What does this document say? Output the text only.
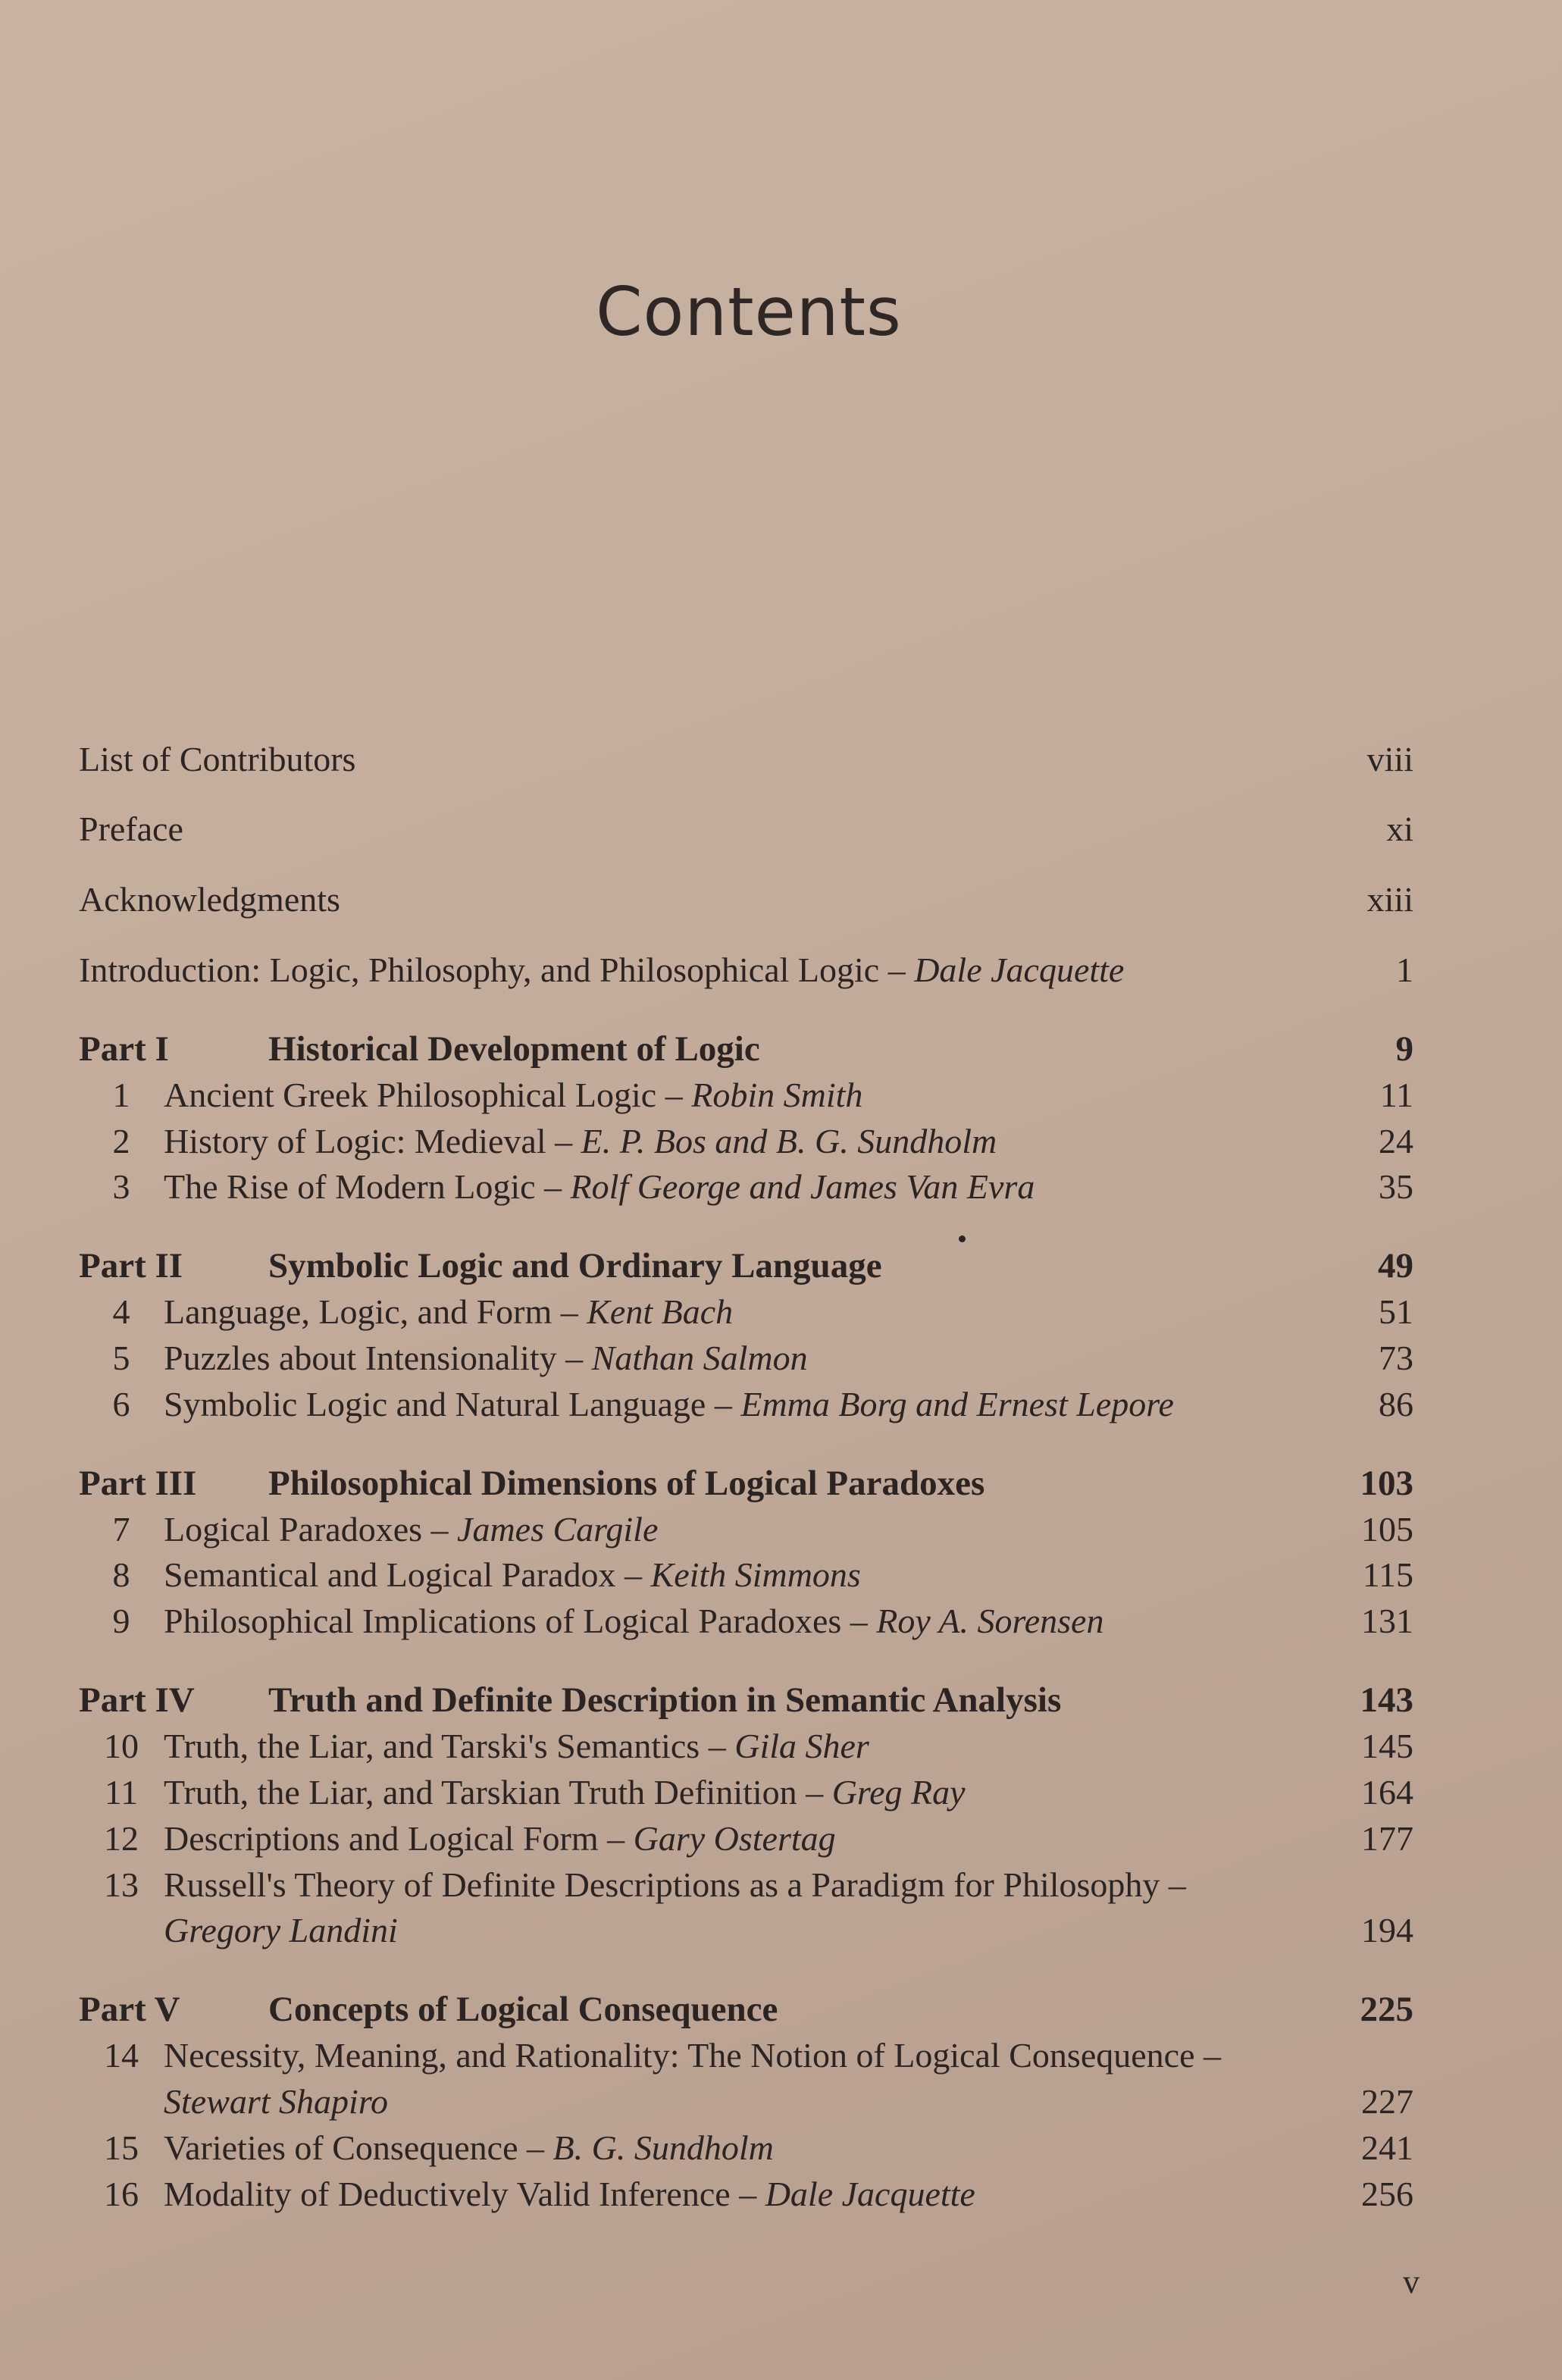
Contents
List of Contributors	viii
Preface	xi
Acknowledgments	xiii
Introduction: Logic, Philosophy, and Philosophical Logic – Dale Jacquette	1
Part I	Historical Development of Logic	9
1 Ancient Greek Philosophical Logic – Robin Smith	11
2 History of Logic: Medieval – E. P. Bos and B. G. Sundholm	24
3 The Rise of Modern Logic – Rolf George and James Van Evra	35
Part II Symbolic Logic and Ordinary Language	49
4 Language, Logic, and Form – Kent Bach	51
5 Puzzles about Intensionality – Nathan Salmon	73
6 Symbolic Logic and Natural Language – Emma Borg and Ernest Lepore	86
Part III Philosophical Dimensions of Logical Paradoxes	103
7 Logical Paradoxes – James Cargile	105
8 Semantical and Logical Paradox – Keith Simmons	115
9 Philosophical Implications of Logical Paradoxes – Roy A. Sorensen	131
Part IV Truth and Definite Description in Semantic Analysis	143
10 Truth, the Liar, and Tarski's Semantics – Gila Sher	145
11 Truth, the Liar, and Tarskian Truth Definition – Greg Ray	164
12 Descriptions and Logical Form – Gary Ostertag	177
13 Russell's Theory of Definite Descriptions as a Paradigm for Philosophy –
Gregory Landini	194
Part V Concepts of Logical Consequence	225
14 Necessity, Meaning, and Rationality: The Notion of Logical Consequence –
Stewart Shapiro	227
15 Varieties of Consequence – B. G. Sundholm	241
16 Modality of Deductively Valid Inference – Dale Jacquette	256
v
